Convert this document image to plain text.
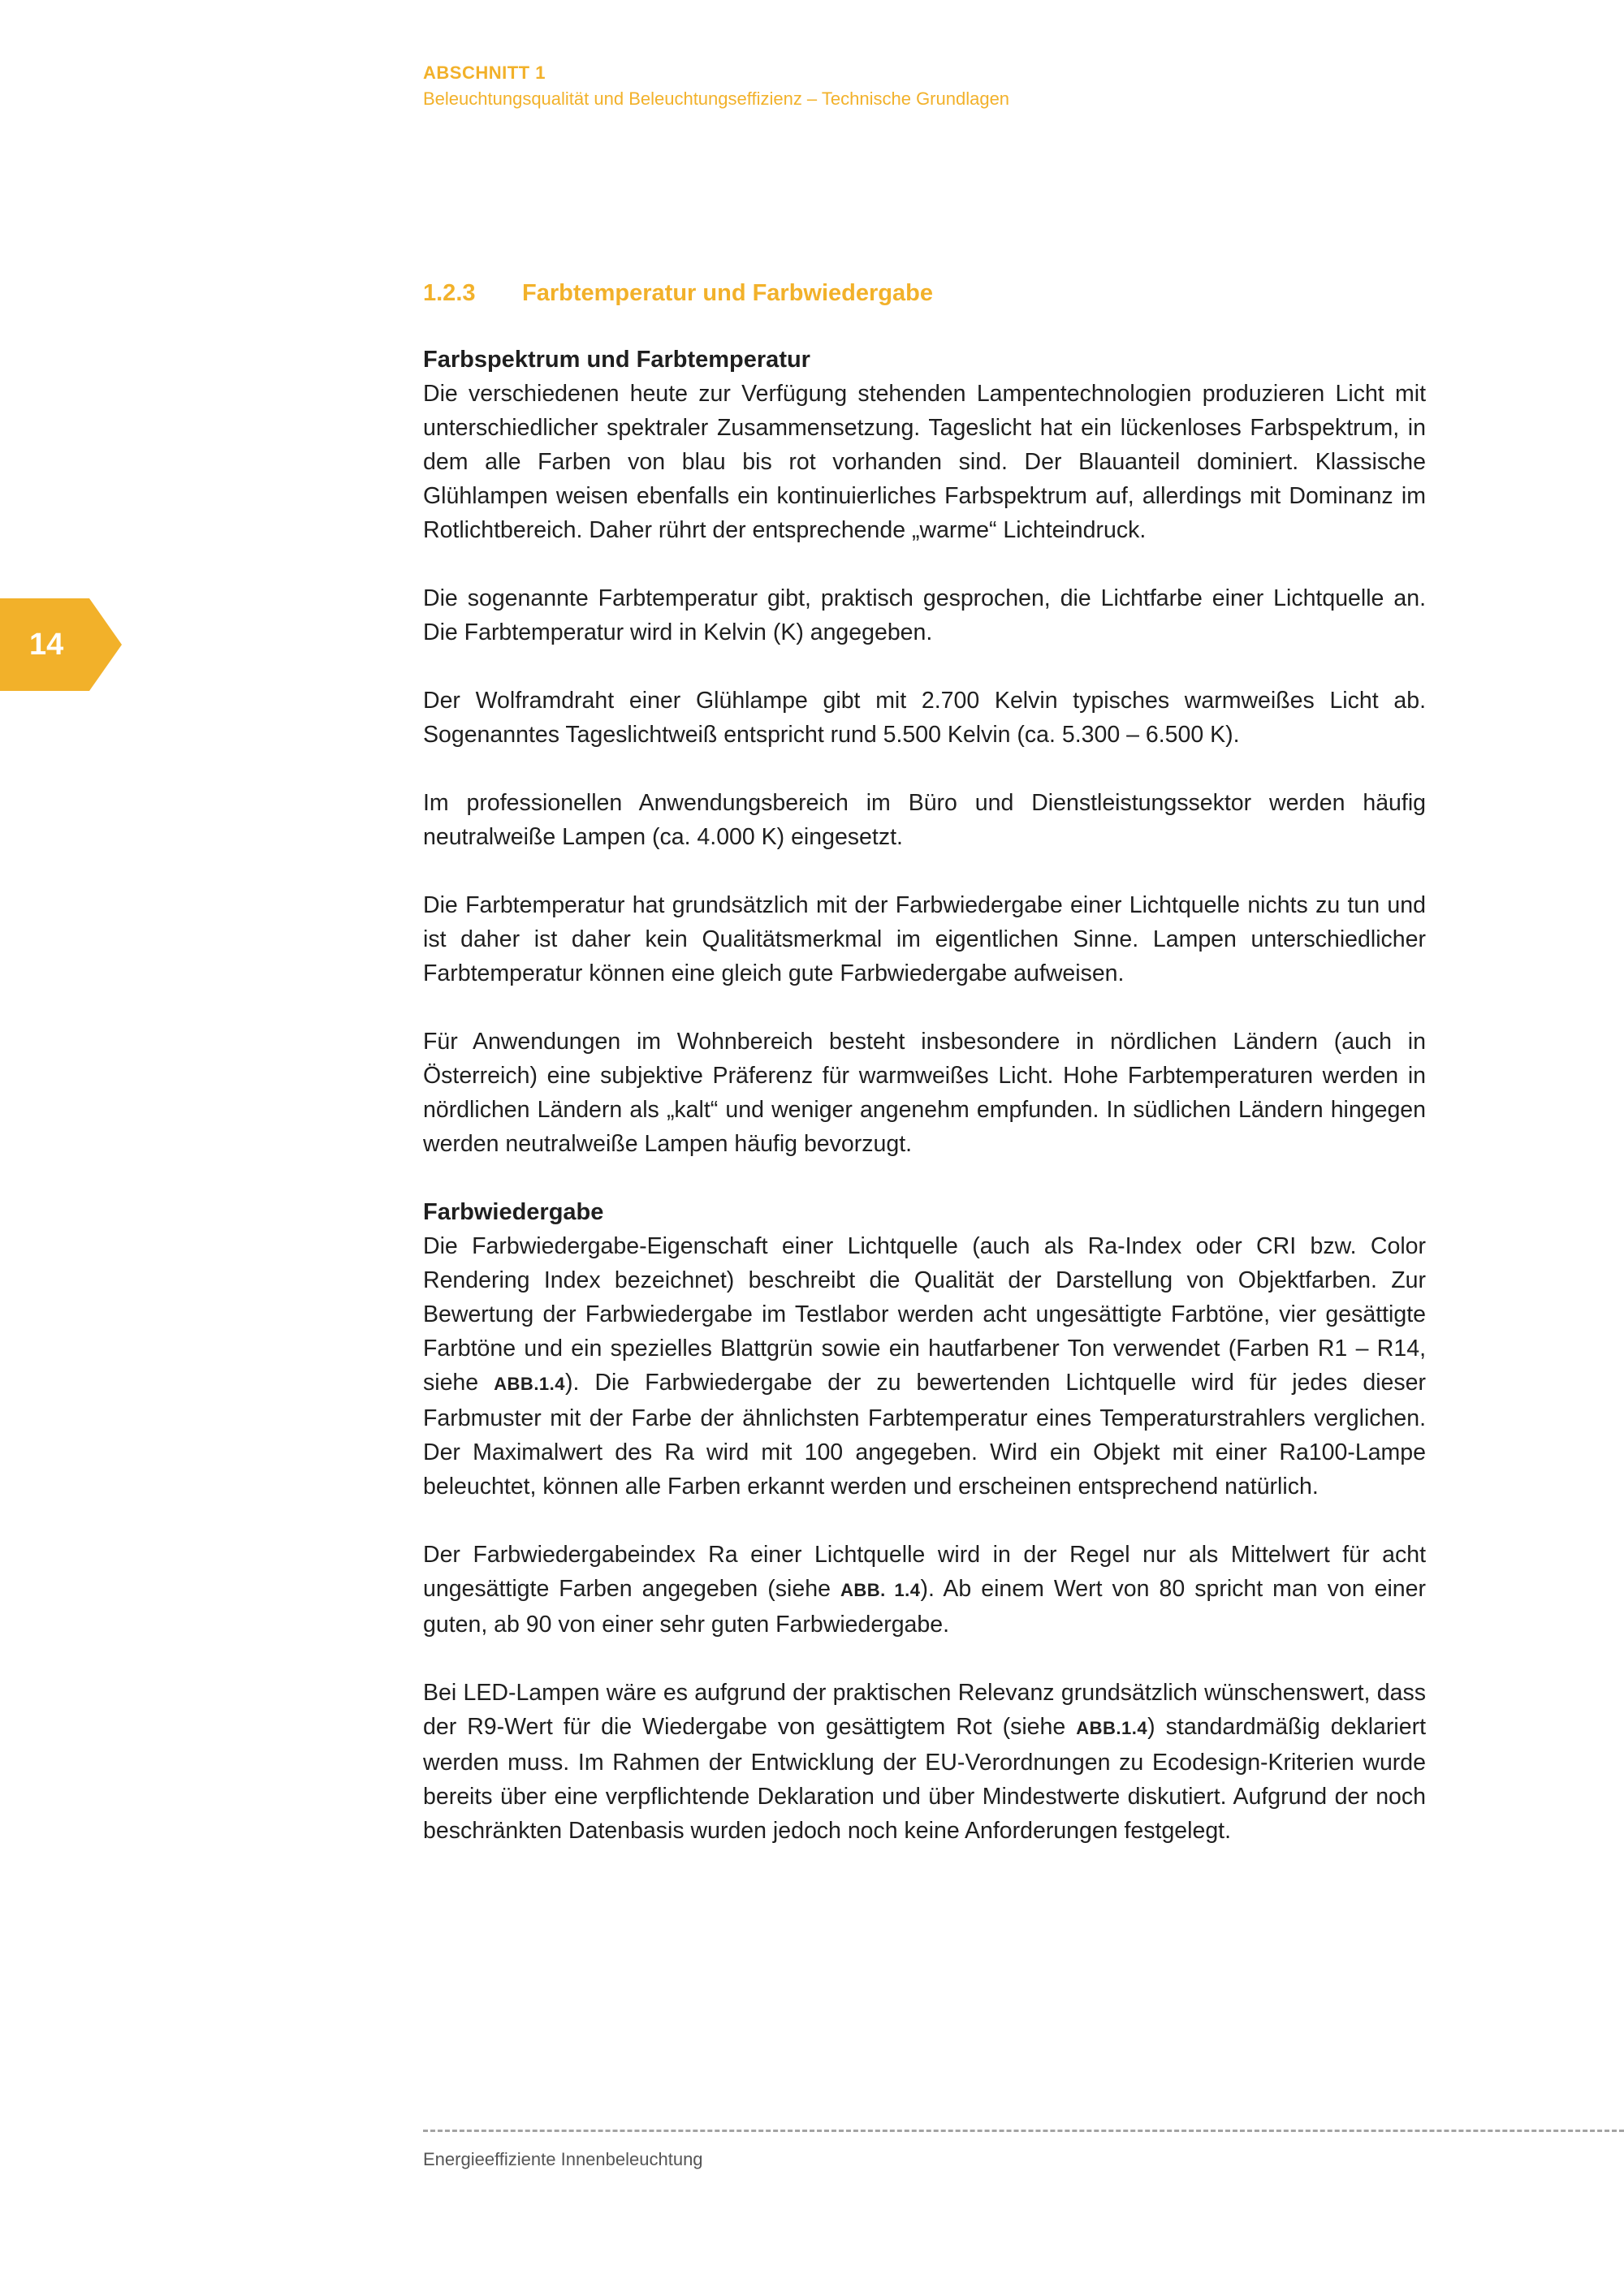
ABSCHNITT 1
Beleuchtungsqualität und Beleuchtungseffizienz – Technische Grundlagen
14
1.2.3 Farbtemperatur und Farbwiedergabe
Farbspektrum und Farbtemperatur

Die verschiedenen heute zur Verfügung stehenden Lampentechnologien produzieren Licht mit unterschiedlicher spektraler Zusammensetzung. Tageslicht hat ein lückenloses Farbspektrum, in dem alle Farben von blau bis rot vorhanden sind. Der Blauanteil dominiert. Klassische Glühlampen weisen ebenfalls ein kontinuierliches Farbspektrum auf, allerdings mit Dominanz im Rotlichtbereich. Daher rührt der entsprechende „warme“ Lichteindruck.

Die sogenannte Farbtemperatur gibt, praktisch gesprochen, die Lichtfarbe einer Lichtquelle an. Die Farbtemperatur wird in Kelvin (K) angegeben.

Der Wolframdraht einer Glühlampe gibt mit 2.700 Kelvin typisches warmweißes Licht ab. Sogenanntes Tageslichtweiß entspricht rund 5.500 Kelvin (ca. 5.300 – 6.500 K).

Im professionellen Anwendungsbereich im Büro und Dienstleistungssektor werden häufig neutralweiße Lampen (ca. 4.000 K) eingesetzt.

Die Farbtemperatur hat grundsätzlich mit der Farbwiedergabe einer Lichtquelle nichts zu tun und ist daher ist daher kein Qualitätsmerkmal im eigentlichen Sinne. Lampen unterschiedlicher Farbtemperatur können eine gleich gute Farbwiedergabe aufweisen.

Für Anwendungen im Wohnbereich besteht insbesondere in nördlichen Ländern (auch in Österreich) eine subjektive Präferenz für warmweißes Licht. Hohe Farbtemperaturen werden in nördlichen Ländern als „kalt“ und weniger angenehm empfunden. In südlichen Ländern hingegen werden neutralweiße Lampen häufig bevorzugt.

Farbwiedergabe

Die Farbwiedergabe-Eigenschaft einer Lichtquelle (auch als Ra-Index oder CRI bzw. Color Rendering Index bezeichnet) beschreibt die Qualität der Darstellung von Objektfarben. Zur Bewertung der Farbwiedergabe im Testlabor werden acht ungesättigte Farbtöne, vier gesättigte Farbtöne und ein spezielles Blattgrün sowie ein hautfarbener Ton verwendet (Farben R1 – R14, siehe ABB.1.4). Die Farbwiedergabe der zu bewertenden Lichtquelle wird für jedes dieser Farbmuster mit der Farbe der ähnlichsten Farbtemperatur eines Temperaturstrahlers verglichen. Der Maximalwert des Ra wird mit 100 angegeben. Wird ein Objekt mit einer Ra100-Lampe beleuchtet, können alle Farben erkannt werden und erscheinen entsprechend natürlich.

Der Farbwiedergabeindex Ra einer Lichtquelle wird in der Regel nur als Mittelwert für acht ungesättigte Farben angegeben (siehe ABB. 1.4). Ab einem Wert von 80 spricht man von einer guten, ab 90 von einer sehr guten Farbwiedergabe.

Bei LED-Lampen wäre es aufgrund der praktischen Relevanz grundsätzlich wünschenswert, dass der R9-Wert für die Wiedergabe von gesättigtem Rot (siehe ABB.1.4) standardmäßig deklariert werden muss. Im Rahmen der Entwicklung der EU-Verordnungen zu Ecodesign-Kriterien wurde bereits über eine verpflichtende Deklaration und über Mindestwerte diskutiert. Aufgrund der noch beschränkten Datenbasis wurden jedoch noch keine Anforderungen festgelegt.

Energieeffiziente Innenbeleuchtung
